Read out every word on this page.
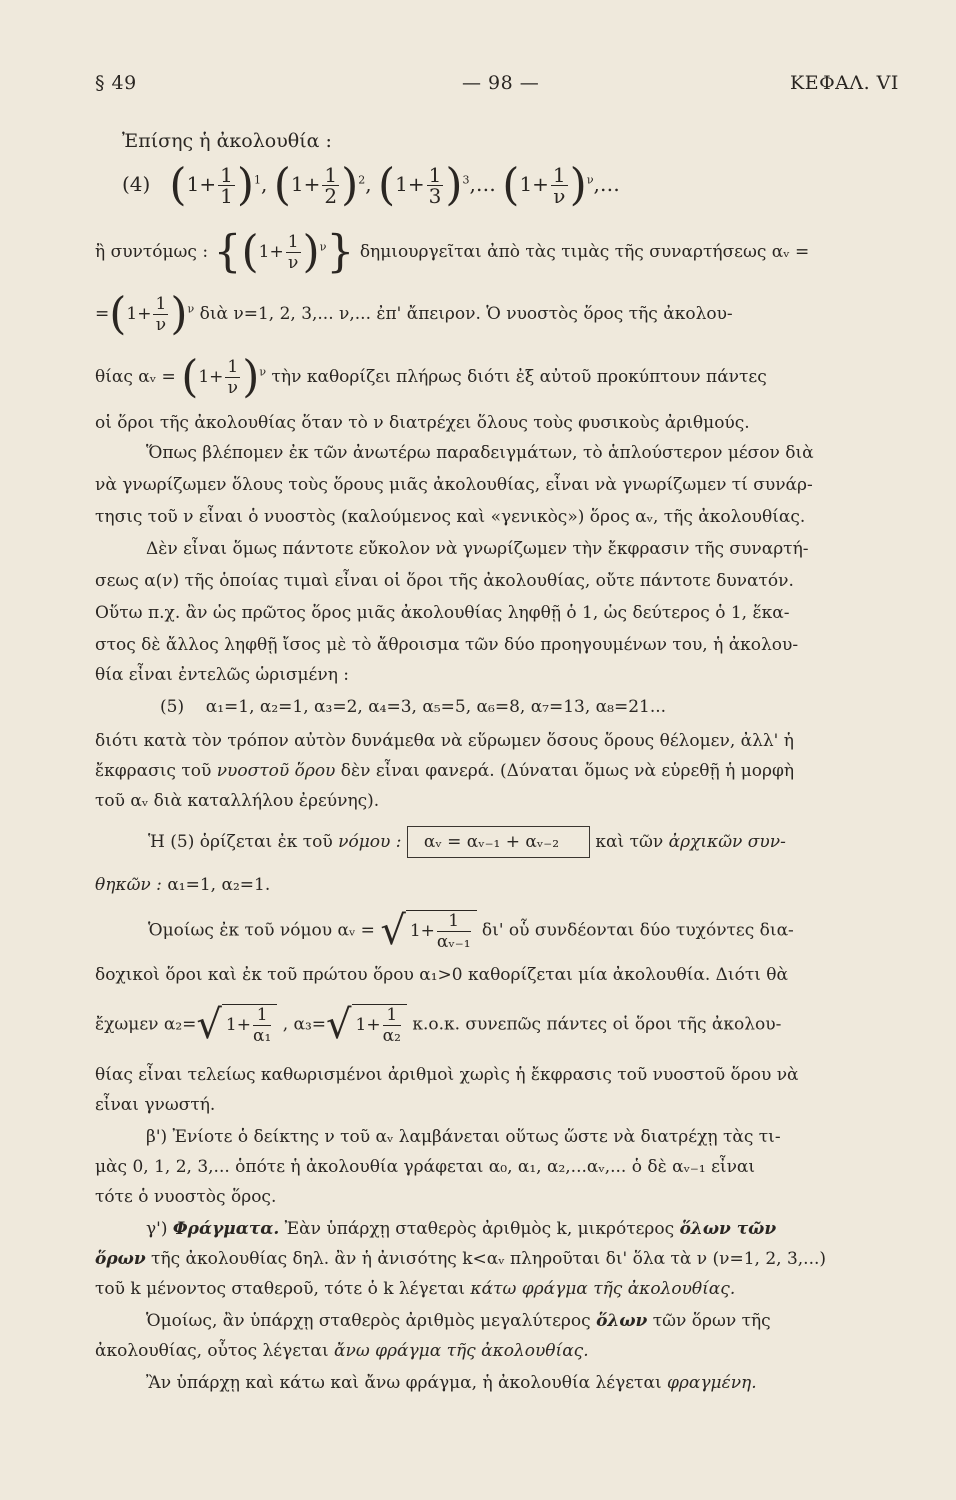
§ 49	— 98 —	ΚΕΦΑΛ. VI
Ἐπίσης ἡ ἀκολουθία :
(4) $(1+ \frac{1}{1} )^1$, $(1+ \frac{1}{2} )^2$, ($1+ \frac{1}{3}$ )$^3,\dots$ ($1+ \frac{1}{\nu}$ )$^\nu,\dots$
ἢ συντόμως : $\{(1+ \frac{1}{\nu} )^\nu\}$ δημιουργεῖται ἀπὸ τὰς τιμὰς τῆς συναρτήσεως αᵥ =
$=(1+ \frac{1}{\nu} )^\nu$ διὰ ν=1, 2, 3,... ν,... ἐπ' ἄπειρον. Ὁ νυοστὸς ὅρος τῆς ἀκολου-
θίας αᵥ = $(1+ \frac{1}{\nu} )^\nu$ τὴν καθορίζει πλήρως διότι ἐξ αὐτοῦ προκύπτουν πάντες
οἱ ὅροι τῆς ἀκολουθίας ὅταν τὸ ν διατρέχει ὅλους τοὺς φυσικοὺς ἀριθμούς.
Ὅπως βλέπομεν ἐκ τῶν ἀνωτέρω παραδειγμάτων, τὸ ἁπλούστερον μέσον διὰ
νὰ γνωρίζωμεν ὅλους τοὺς ὅρους μιᾶς ἀκολουθίας, εἶναι νὰ γνωρίζωμεν τί συνάρ-
τησις τοῦ ν εἶναι ὁ νυοστὸς (καλούμενος καὶ «γενικὸς») ὅρος αᵥ, τῆς ἀκολουθίας.
Δὲν εἶναι ὅμως πάντοτε εὔκολον νὰ γνωρίζωμεν τὴν ἔκφρασιν τῆς συναρτή-
σεως α(ν) τῆς ὁποίας τιμαὶ εἶναι οἱ ὅροι τῆς ἀκολουθίας, οὔτε πάντοτε δυνατόν.
Οὕτω π.χ. ἂν ὡς πρῶτος ὅρος μιᾶς ἀκολουθίας ληφθῇ ὁ 1, ὡς δεύτερος ὁ 1, ἕκα-
στος δὲ ἄλλος ληφθῇ ἴσος μὲ τὸ ἄθροισμα τῶν δύο προηγουμένων του, ἡ ἀκολου-
θία εἶναι ἐντελῶς ὡρισμένη :
(5) α₁=1, α₂=1, α₃=2, α₄=3, α₅=5, α₆=8, α₇=13, α₈=21...
διότι κατὰ τὸν τρόπον αὐτὸν δυνάμεθα νὰ εὕρωμεν ὅσους ὅρους θέλομεν, ἀλλ' ἡ
ἔκφρασις τοῦ νυοστοῦ ὅρου δὲν εἶναι φανερά. (Δύναται ὅμως νὰ εὑρεθῇ ἡ μορφὴ
τοῦ αᵥ διὰ καταλλήλου ἐρεύνης).
Ἡ (5) ὁρίζεται ἐκ τοῦ νόμου : αᵥ = αᵥ₋₁ + αᵥ₋₂ καὶ τῶν ἀρχικῶν συν-
θηκῶν : α₁=1, α₂=1.
Ὁμοίως ἐκ τοῦ νόμου αᵥ = √ $1+ \frac{1}{\text{αᵥ₋₁}} \delta\iota'$ οὗ συνδέονται δύο τυχόντες δια-
δοχικοὶ ὅροι καὶ ἐκ τοῦ πρώτου ὅρου α₁>0 καθορίζεται μία ἀκολουθία. Διότι θὰ
ἔχωμεν α₂=√ $1+ \frac{1}{\text{α₁}}$ , α₃=√ $1+ \frac{1}{\text{α₂}} \kappa.o.\kappa$. συνεπῶς πάντες οἱ ὅροι τῆς ἀκολου-
θίας εἶναι τελείως καθωρισμένοι ἀριθμοὶ χωρὶς ἡ ἔκφρασις τοῦ νυοστοῦ ὅρου νὰ
εἶναι γνωστή.
β') Ἐνίοτε ὁ δείκτης ν τοῦ αᵥ λαμβάνεται οὕτως ὥστε νὰ διατρέχῃ τὰς τι-
μὰς 0, 1, 2, 3,... ὁπότε ἡ ἀκολουθία γράφεται α₀, α₁, α₂,...αᵥ,... ὁ δὲ αᵥ₋₁ εἶναι
τότε ὁ νυοστὸς ὅρος.
γ') Φράγματα. Ἐὰν ὑπάρχῃ σταθερὸς ἀριθμὸς k, μικρότερος ὅλων τῶν
ὅρων τῆς ἀκολουθίας δηλ. ἂν ἡ ἀνισότης k<αᵥ πληροῦται δι' ὅλα τὰ ν (ν=1, 2, 3,...)
τοῦ k μένοντος σταθεροῦ, τότε ὁ k λέγεται κάτω φράγμα τῆς ἀκολουθίας.
Ὁμοίως, ἂν ὑπάρχῃ σταθερὸς ἀριθμὸς μεγαλύτερος ὅλων τῶν ὅρων τῆς
ἀκολουθίας, οὗτος λέγεται ἄνω φράγμα τῆς ἀκολουθίας.
Ἂν ὑπάρχῃ καὶ κάτω καὶ ἄνω φράγμα, ἡ ἀκολουθία λέγεται φραγμένη.
